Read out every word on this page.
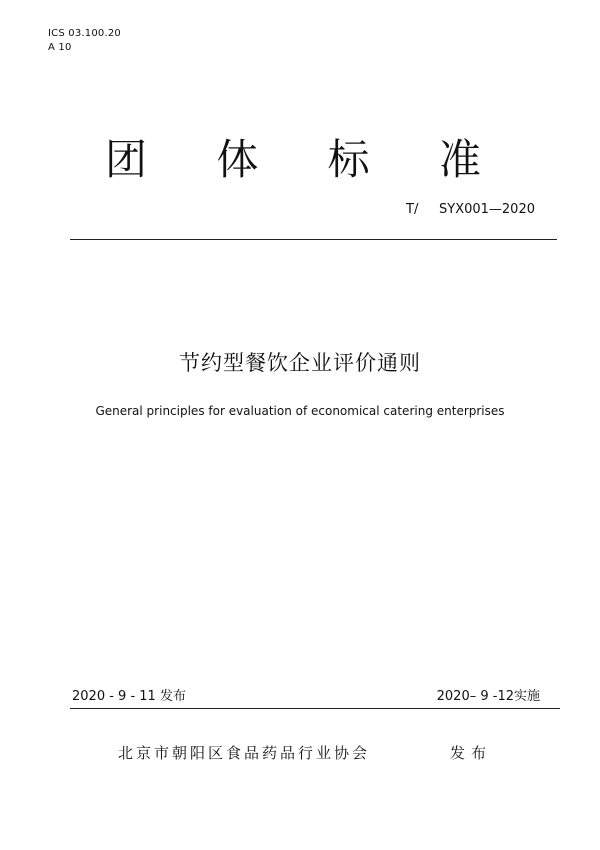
ICS 03.100.20
A 10
团 体 标 准
T/     SYX001—2020
节约型餐饮企业评价通则
General principles for evaluation of economical catering enterprises
2020 - 9 - 11 发布	2020– 9 -12实施
北京市朝阳区食品药品行业协会	发布
